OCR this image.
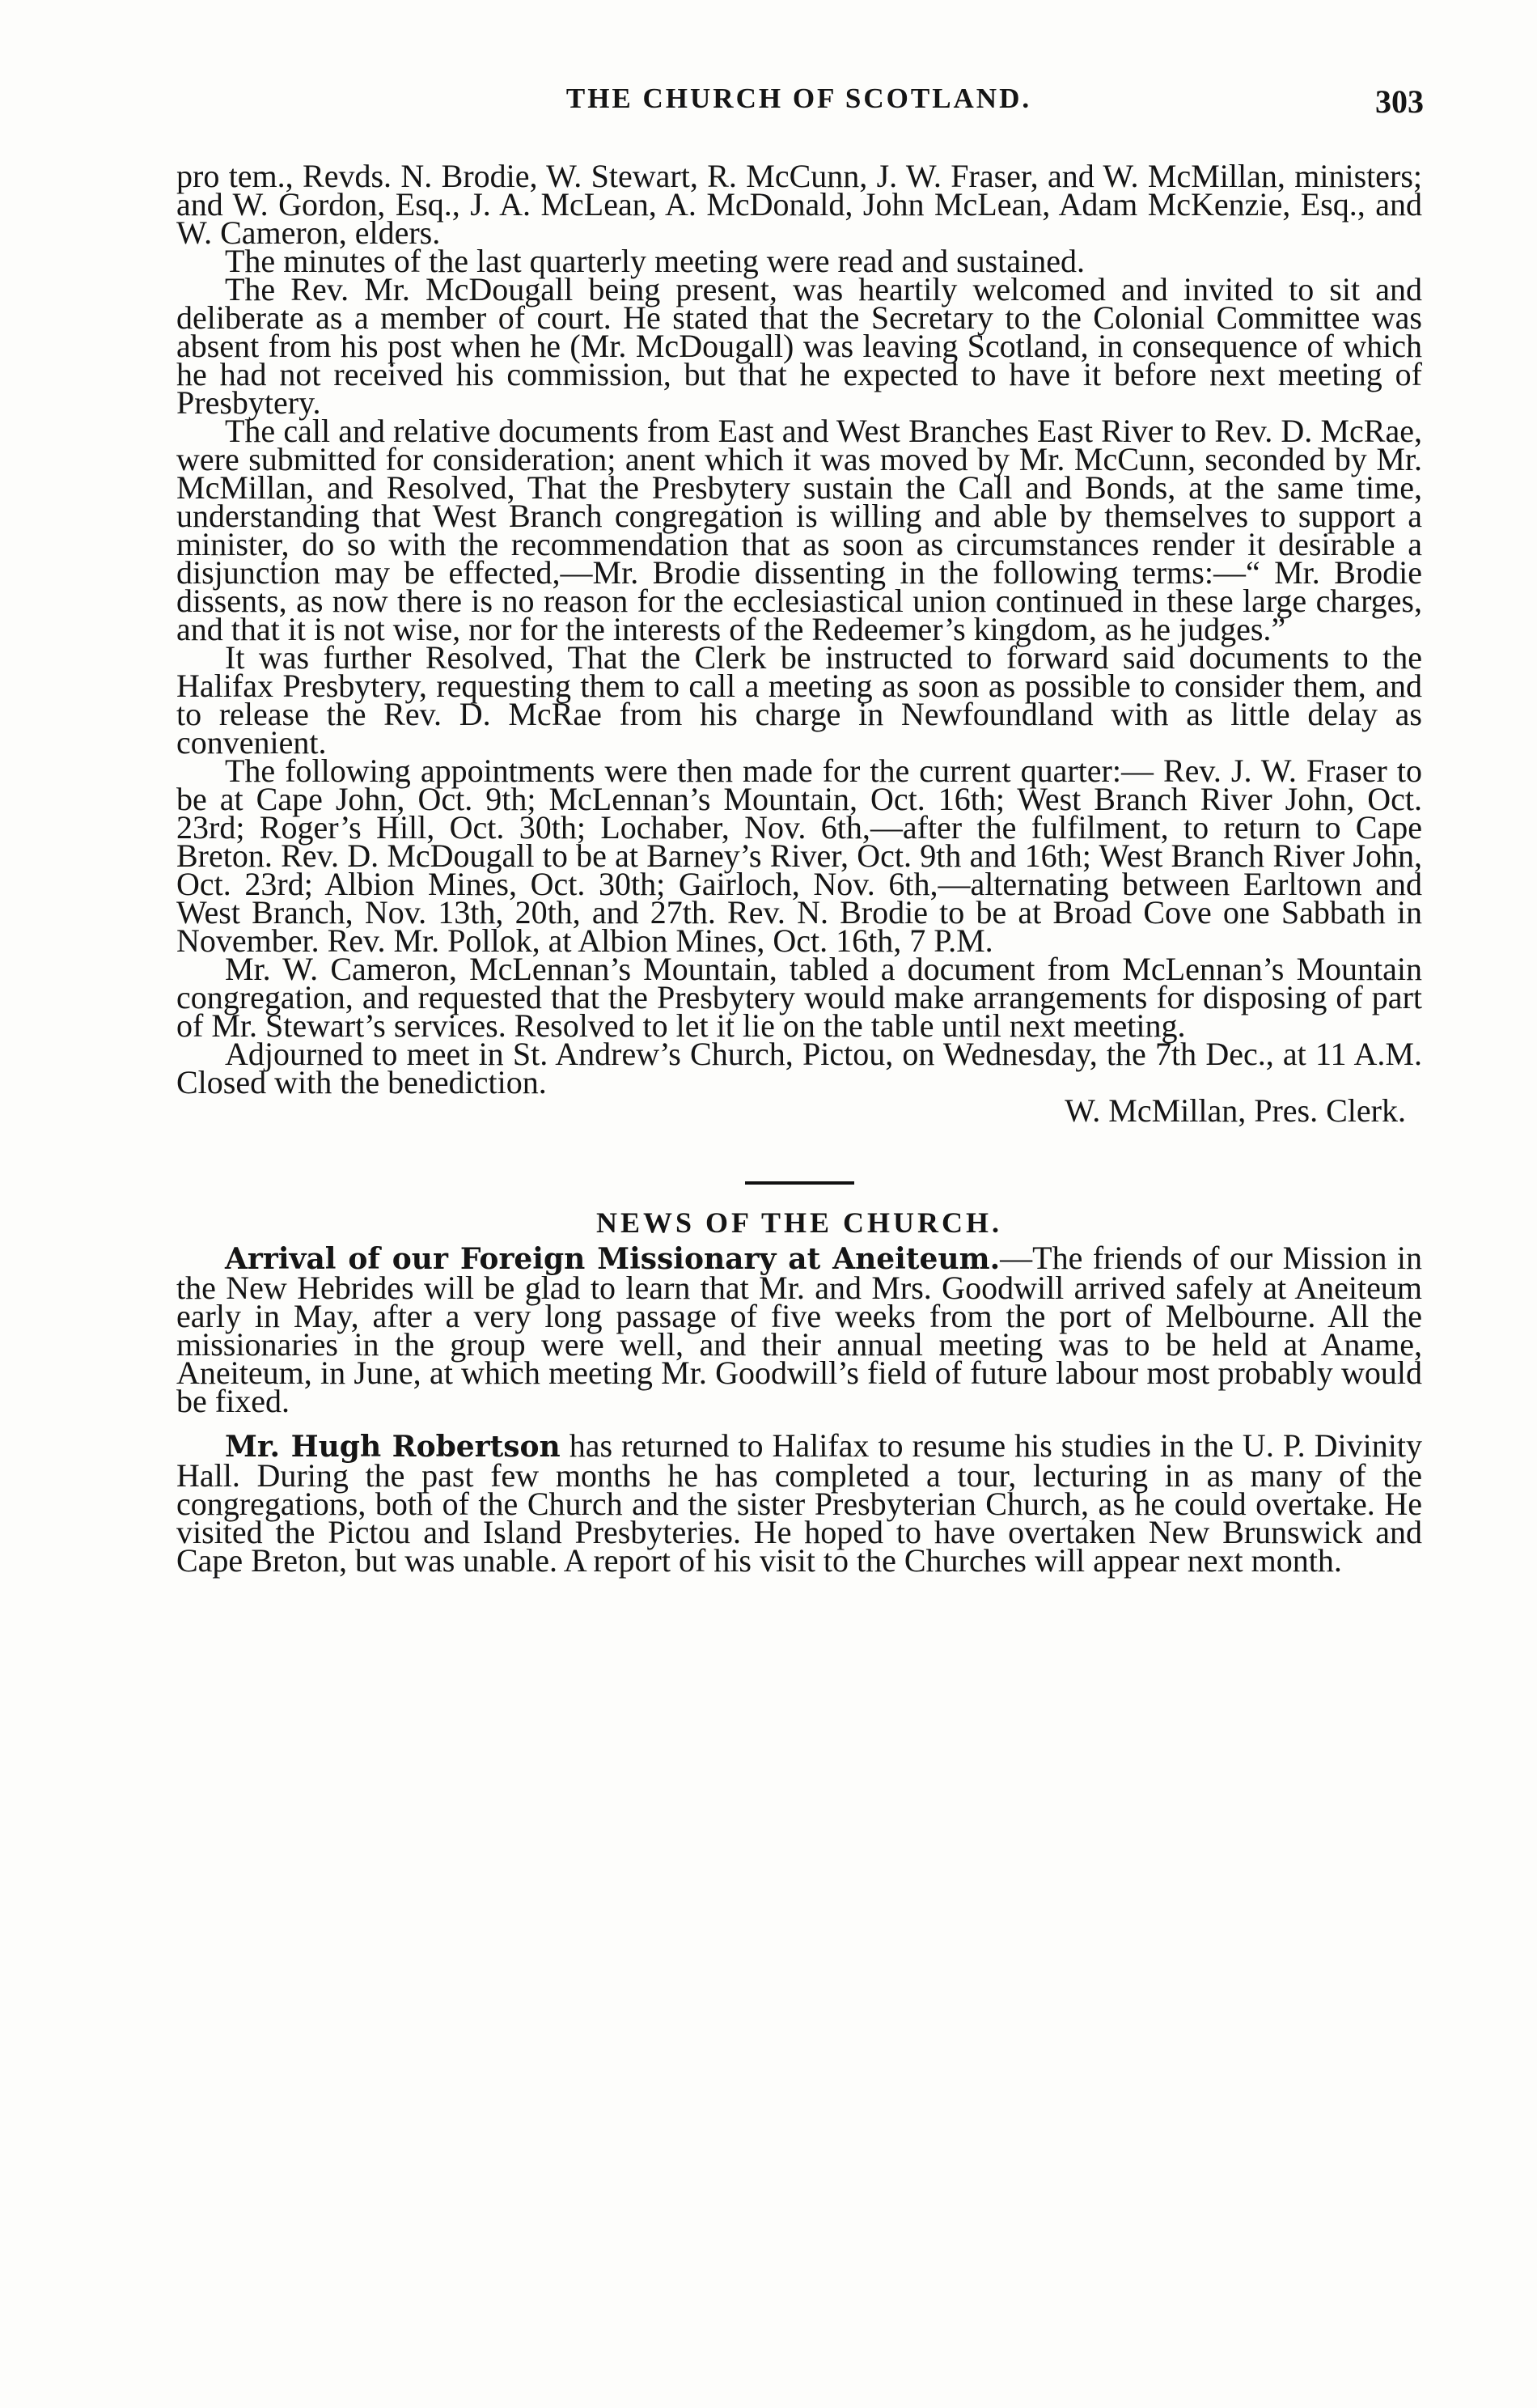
THE CHURCH OF SCOTLAND.	303

pro tem., Revds. N. Brodie, W. Stewart, R. McCunn, J. W. Fraser, and W. McMillan, ministers; and W. Gordon, Esq., J. A. McLean, A. McDonald, John McLean, Adam McKenzie, Esq., and W. Cameron, elders.

The minutes of the last quarterly meeting were read and sustained.

The Rev. Mr. McDougall being present, was heartily welcomed and invited to sit and deliberate as a member of court. He stated that the Secretary to the Colonial Committee was absent from his post when he (Mr. McDougall) was leaving Scotland, in consequence of which he had not received his commission, but that he expected to have it before next meeting of Presbytery.

The call and relative documents from East and West Branches East River to Rev. D. McRae, were submitted for consideration; anent which it was moved by Mr. McCunn, seconded by Mr. McMillan, and Resolved, That the Presbytery sustain the Call and Bonds, at the same time, understanding that West Branch congregation is willing and able by themselves to support a minister, do so with the recommendation that as soon as circumstances render it desirable a disjunction may be effected,—Mr. Brodie dissenting in the following terms:—“ Mr. Brodie dissents, as now there is no reason for the ecclesiastical union continued in these large charges, and that it is not wise, nor for the interests of the Redeemer’s kingdom, as he judges.”

It was further Resolved, That the Clerk be instructed to forward said documents to the Halifax Presbytery, requesting them to call a meeting as soon as possible to consider them, and to release the Rev. D. McRae from his charge in Newfoundland with as little delay as convenient.

The following appointments were then made for the current quarter:— Rev. J. W. Fraser to be at Cape John, Oct. 9th; McLennan’s Mountain, Oct. 16th; West Branch River John, Oct. 23rd; Roger’s Hill, Oct. 30th; Lochaber, Nov. 6th,—after the fulfilment, to return to Cape Breton. Rev. D. McDougall to be at Barney’s River, Oct. 9th and 16th; West Branch River John, Oct. 23rd; Albion Mines, Oct. 30th; Gairloch, Nov. 6th,—alternating between Earltown and West Branch, Nov. 13th, 20th, and 27th. Rev. N. Brodie to be at Broad Cove one Sabbath in November. Rev. Mr. Pollok, at Albion Mines, Oct. 16th, 7 P.M.

Mr. W. Cameron, McLennan’s Mountain, tabled a document from McLennan’s Mountain congregation, and requested that the Presbytery would make arrangements for disposing of part of Mr. Stewart’s services. Resolved to let it lie on the table until next meeting.

Adjourned to meet in St. Andrew’s Church, Pictou, on Wednesday, the 7th Dec., at 11 A.M. Closed with the benediction.

W. McMillan, Pres. Clerk.

NEWS OF THE CHURCH.

Arrival of our Foreign Missionary at Aneiteum.—The friends of our Mission in the New Hebrides will be glad to learn that Mr. and Mrs. Goodwill arrived safely at Aneiteum early in May, after a very long passage of five weeks from the port of Melbourne. All the missionaries in the group were well, and their annual meeting was to be held at Aname, Aneiteum, in June, at which meeting Mr. Goodwill’s field of future labour most probably would be fixed.

Mr. Hugh Robertson has returned to Halifax to resume his studies in the U. P. Divinity Hall. During the past few months he has completed a tour, lecturing in as many of the congregations, both of the Church and the sister Presbyterian Church, as he could overtake. He visited the Pictou and Island Presbyteries. He hoped to have overtaken New Brunswick and Cape Breton, but was unable. A report of his visit to the Churches will appear next month.
